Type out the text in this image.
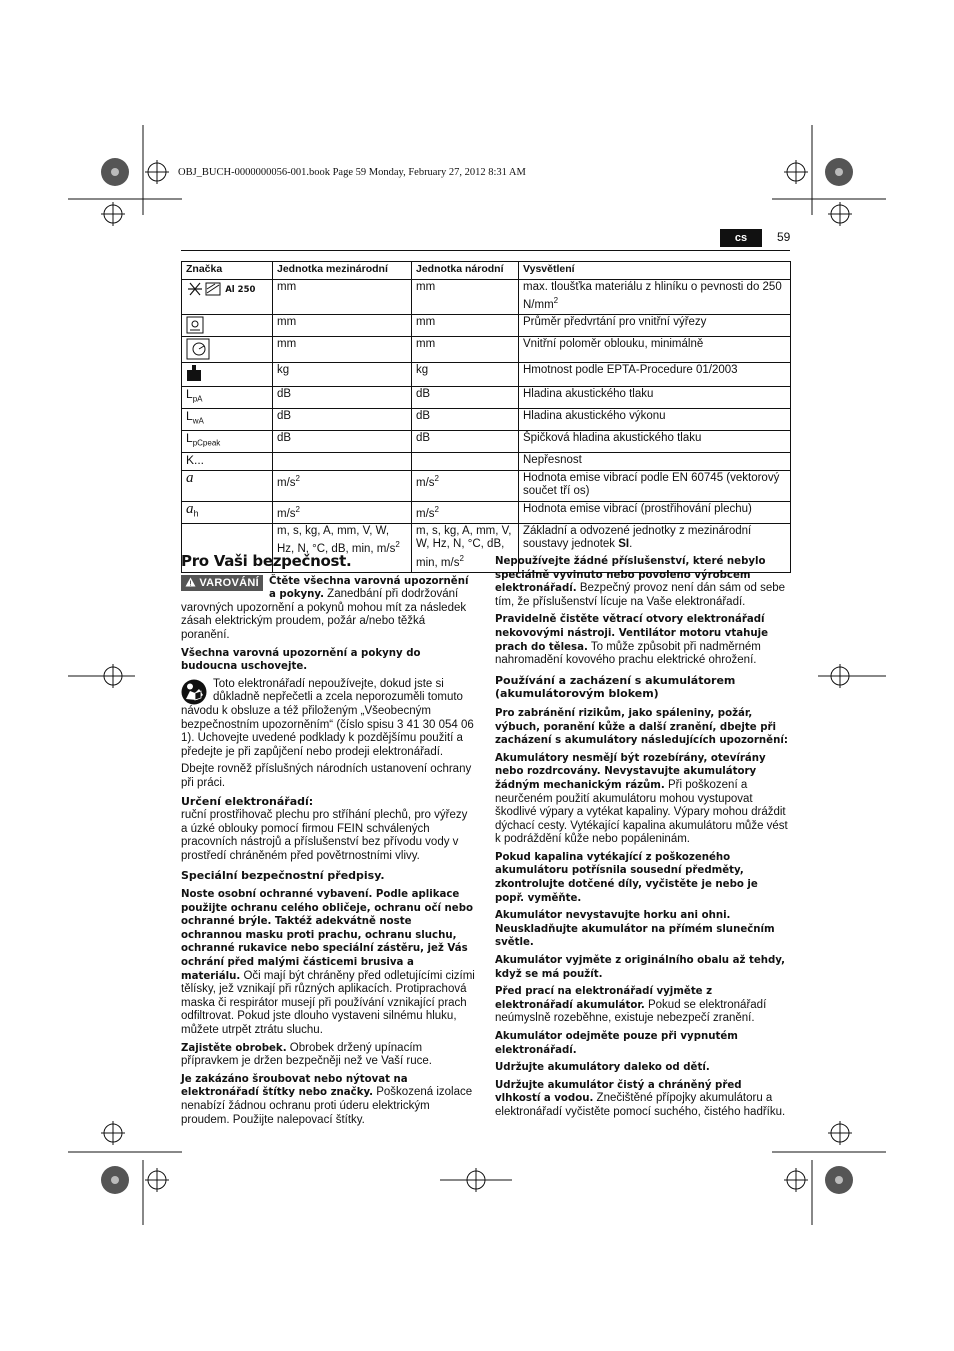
OBJ_BUCH-0000000056-001.book Page 59 Monday, February 27, 2012 8:31 AM
cs	59
Značka	Jednotka mezinárodní	Jednotka národní	Vysvětlení
Al 250	mm	mm	max. tloušťka materiálu z hliníku o pevnosti do 250 $N/mm^2$
	mm	mm	Průměr předvrtání pro vnitřní výřezy
	mm	mm	Vnitřní poloměr oblouku, minimálně
	kg	kg	Hmotnost podle EPTA-Procedure 01/2003
$L_{pA}$	dB	dB	Hladina akustického tlaku
$L_{wA}$	dB	dB	Hladina akustického výkonu
$L_{pCpeak}$	dB	dB	Špičková hladina akustického tlaku
K...			Nepřesnost
a	$m/s^2$	$m/s^2$	Hodnota emise vibrací podle EN 60745 (vektorový součet tří os)
$a_h$	$m/s^2$	$m/s^2$	Hodnota emise vibrací (prostřihování plechu)
	m, s, kg, A, mm, V, W, Hz, N, °C, dB, min, $m/s^2$	m, s, kg, A, mm, V, W, Hz, N, °C, dB, min, $m/s^2$	Základní a odvozené jednotky z mezinárodní soustavy jednotek SI.
Pro Vaši bezpečnost.

VAROVÁNÍ Čtěte všechna varovná upozornění a pokyny. Zanedbání při dodržování varovných upozornění a pokynů mohou mít za následek zásah elektrickým proudem, požár a/nebo těžká poranění.

Všechna varovná upozornění a pokyny do budoucna uschovejte.

Toto elektronářadí nepoužívejte, dokud jste si důkladně nepřečetli a zcela neporozuměli tomuto návodu k obsluze a též přiloženým „Všeobecným bezpečnostním upozorněním“ (číslo spisu 3 41 30 054 06 1). Uchovejte uvedené podklady k pozdějšímu použití a předejte je při zapůjčení nebo prodeji elektronářadí.

Dbejte rovněž příslušných národních ustanovení ochrany při práci.

Určení elektronářadí:

ruční prostřihovač plechu pro stříhání plechů, pro výřezy a úzké oblouky pomocí firmou FEIN schválených pracovních nástrojů a příslušenství bez přívodu vody v prostředí chráněném před povětrnostními vlivy.

Speciální bezpečnostní předpisy.

Noste osobní ochranné vybavení. Podle aplikace použijte ochranu celého obličeje, ochranu očí nebo ochranné brýle. Taktéž adekvátně noste ochrannou masku proti prachu, ochranu sluchu, ochranné rukavice nebo speciální zástěru, jež Vás ochrání před malými částicemi brusiva a materiálu. Oči mají být chráněny před odletujícími cizími tělísky, jež vznikají při různých aplikacích. Protiprachová maska či respirátor musejí při používání vznikající prach odfiltrovat. Pokud jste dlouho vystaveni silnému hluku, můžete utrpět ztrátu sluchu.

Zajistěte obrobek. Obrobek držený upínacím přípravkem je držen bezpečněji než ve Vaší ruce.

Je zakázáno šroubovat nebo nýtovat na elektronářadí štítky nebo značky. Poškozená izolace nenabízí žádnou ochranu proti úderu elektrickým proudem. Použijte nalepovací štítky.

Nepoužívejte žádné příslušenství, které nebylo speciálně vyvinuto nebo povoleno výrobcem elektronářadí. Bezpečný provoz není dán sám od sebe tím, že příslušenství lícuje na Vaše elektronářadí.

Pravidelně čistěte větrací otvory elektronářadí nekovovými nástroji. Ventilátor motoru vtahuje prach do tělesa. To může způsobit při nadměrném nahromadění kovového prachu elektrické ohrožení.

Používání a zacházení s akumulátorem (akumulátorovým blokem)

Pro zabránění rizikům, jako spáleniny, požár, výbuch, poranění kůže a další zranění, dbejte při zacházení s akumulátory následujících upozornění:

Akumulátory nesmějí být rozebírány, otevírány nebo rozdrcovány. Nevystavujte akumulátory žádným mechanickým rázům. Při poškození a neurčeném použití akumulátoru mohou vystupovat škodlivé výpary a vytékat kapaliny. Výpary mohou dráždit dýchací cesty. Vytékající kapalina akumulátoru může vést k podráždění kůže nebo popáleninám.

Pokud kapalina vytékající z poškozeného akumulátoru potřísnila sousední předměty, zkontrolujte dotčené díly, vyčistěte je nebo je popř. vyměňte.

Akumulátor nevystavujte horku ani ohni. Neuskladňujte akumulátor na přímém slunečním světle.

Akumulátor vyjměte z originálního obalu až tehdy, když se má použít.

Před prací na elektronářadí vyjměte z elektronářadí akumulátor. Pokud se elektronářadí neúmyslně rozeběhne, existuje nebezpečí zranění.

Akumulátor odejměte pouze při vypnutém elektronářadí.

Udržujte akumulátory daleko od dětí.

Udržujte akumulátor čistý a chráněný před vlhkostí a vodou. Znečištěné přípojky akumulátoru a elektronářadí vyčistěte pomocí suchého, čistého hadříku.
